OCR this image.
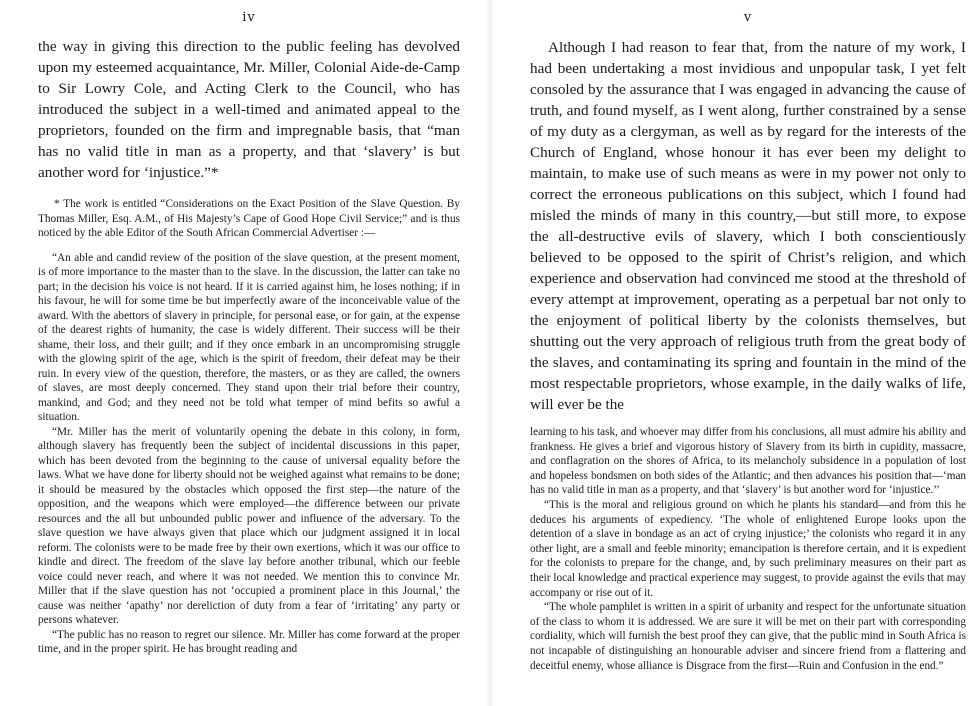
iv

the way in giving this direction to the public feeling has devolved upon my esteemed acquaintance, Mr. Miller, Colonial Aide-de-Camp to Sir Lowry Cole, and Acting Clerk to the Council, who has introduced the subject in a well-timed and animated appeal to the proprietors, founded on the firm and impregnable basis, that “man has no valid title in man as a property, and that ‘slavery’ is but another word for ‘injustice.”*

* The work is entitled “Considerations on the Exact Position of the Slave Question. By Thomas Miller, Esq. A.M., of His Majesty’s Cape of Good Hope Civil Service;” and is thus noticed by the able Editor of the South African Commercial Advertiser :—

“An able and candid review of the position of the slave question, at the present moment, is of more importance to the master than to the slave. In the discussion, the latter can take no part; in the decision his voice is not heard. If it is carried against him, he loses nothing; if in his favour, he will for some time be but imperfectly aware of the inconceivable value of the award. With the abettors of slavery in principle, for personal ease, or for gain, at the expense of the dearest rights of humanity, the case is widely different. Their success will be their shame, their loss, and their guilt; and if they once embark in an uncompromising struggle with the glowing spirit of the age, which is the spirit of freedom, their defeat may be their ruin. In every view of the question, therefore, the masters, or as they are called, the owners of slaves, are most deeply concerned. They stand upon their trial before their country, mankind, and God; and they need not be told what temper of mind befits so awful a situation.

“Mr. Miller has the merit of voluntarily opening the debate in this colony, in form, although slavery has frequently been the subject of incidental discussions in this paper, which has been devoted from the beginning to the cause of universal equality before the laws. What we have done for liberty should not be weighed against what remains to be done; it should be measured by the obstacles which opposed the first step—the nature of the opposition, and the weapons which were employed—the difference between our private resources and the all but unbounded public power and influence of the adversary. To the slave question we have always given that place which our judgment assigned it in local reform. The colonists were to be made free by their own exertions, which it was our office to kindle and direct. The freedom of the slave lay before another tribunal, which our feeble voice could never reach, and where it was not needed. We mention this to convince Mr. Miller that if the slave question has not ‘occupied a prominent place in this Journal,’ the cause was neither ‘apathy’ nor dereliction of duty from a fear of ‘irritating’ any party or persons whatever.

“The public has no reason to regret our silence. Mr. Miller has come forward at the proper time, and in the proper spirit. He has brought reading and

v

Although I had reason to fear that, from the nature of my work, I had been undertaking a most invidious and unpopular task, I yet felt consoled by the assurance that I was engaged in advancing the cause of truth, and found myself, as I went along, further constrained by a sense of my duty as a clergyman, as well as by regard for the interests of the Church of England, whose honour it has ever been my delight to maintain, to make use of such means as were in my power not only to correct the erroneous publications on this subject, which I found had misled the minds of many in this country,—but still more, to expose the all-destructive evils of slavery, which I both conscientiously believed to be opposed to the spirit of Christ’s religion, and which experience and observation had convinced me stood at the threshold of every attempt at improvement, operating as a perpetual bar not only to the enjoyment of political liberty by the colonists themselves, but shutting out the very approach of religious truth from the great body of the slaves, and contaminating its spring and fountain in the mind of the most respectable proprietors, whose example, in the daily walks of life, will ever be the

learning to his task, and whoever may differ from his conclusions, all must admire his ability and frankness. He gives a brief and vigorous history of Slavery from its birth in cupidity, massacre, and conflagration on the shores of Africa, to its melancholy subsidence in a population of lost and hopeless bondsmen on both sides of the Atlantic; and then advances his position that—‘man has no valid title in man as a property, and that ‘slavery’ is but another word for ‘injustice.’’

“This is the moral and religious ground on which he plants his standard—and from this he deduces his arguments of expediency. ‘The whole of enlightened Europe looks upon the detention of a slave in bondage as an act of crying injustice;’ the colonists who regard it in any other light, are a small and feeble minority; emancipation is therefore certain, and it is expedient for the colonists to prepare for the change, and, by such preliminary measures on their part as their local knowledge and practical experience may suggest, to provide against the evils that may accompany or rise out of it.

“The whole pamphlet is written in a spirit of urbanity and respect for the unfortunate situation of the class to whom it is addressed. We are sure it will be met on their part with corresponding cordiality, which will furnish the best proof they can give, that the public mind in South Africa is not incapable of distinguishing an honourable adviser and sincere friend from a flattering and deceitful enemy, whose alliance is Disgrace from the first—Ruin and Confusion in the end.”
